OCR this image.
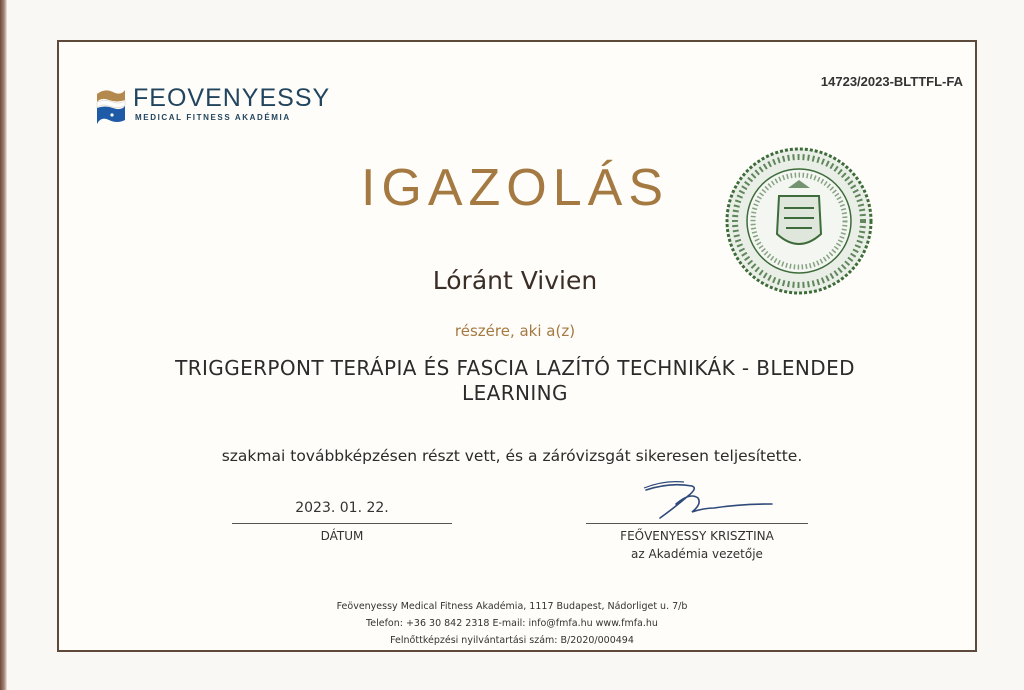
FEOVENYESSY
MEDICAL FITNESS AKADÉMIA
14723/2023-BLTTFL-FA
IGAZOLÁS
Lóránt Vivien
részére, aki a(z)
TRIGGERPONT TERÁPIA ÉS FASCIA LAZÍTÓ TECHNIKÁK - BLENDED LEARNING
szakmai továbbképzésen részt vett, és a záróvizsgát sikeresen teljesítette.
2023. 01. 22.
DÁTUM	FEŐVENYESSY KRISZTINA
az Akadémia vezetője
Feövenyessy Medical Fitness Akadémia, 1117 Budapest, Nádorliget u. 7/b
Telefon: +36 30 842 2318 E-mail: info@fmfa.hu www.fmfa.hu
Felnőttképzési nyilvántartási szám: B/2020/000494
